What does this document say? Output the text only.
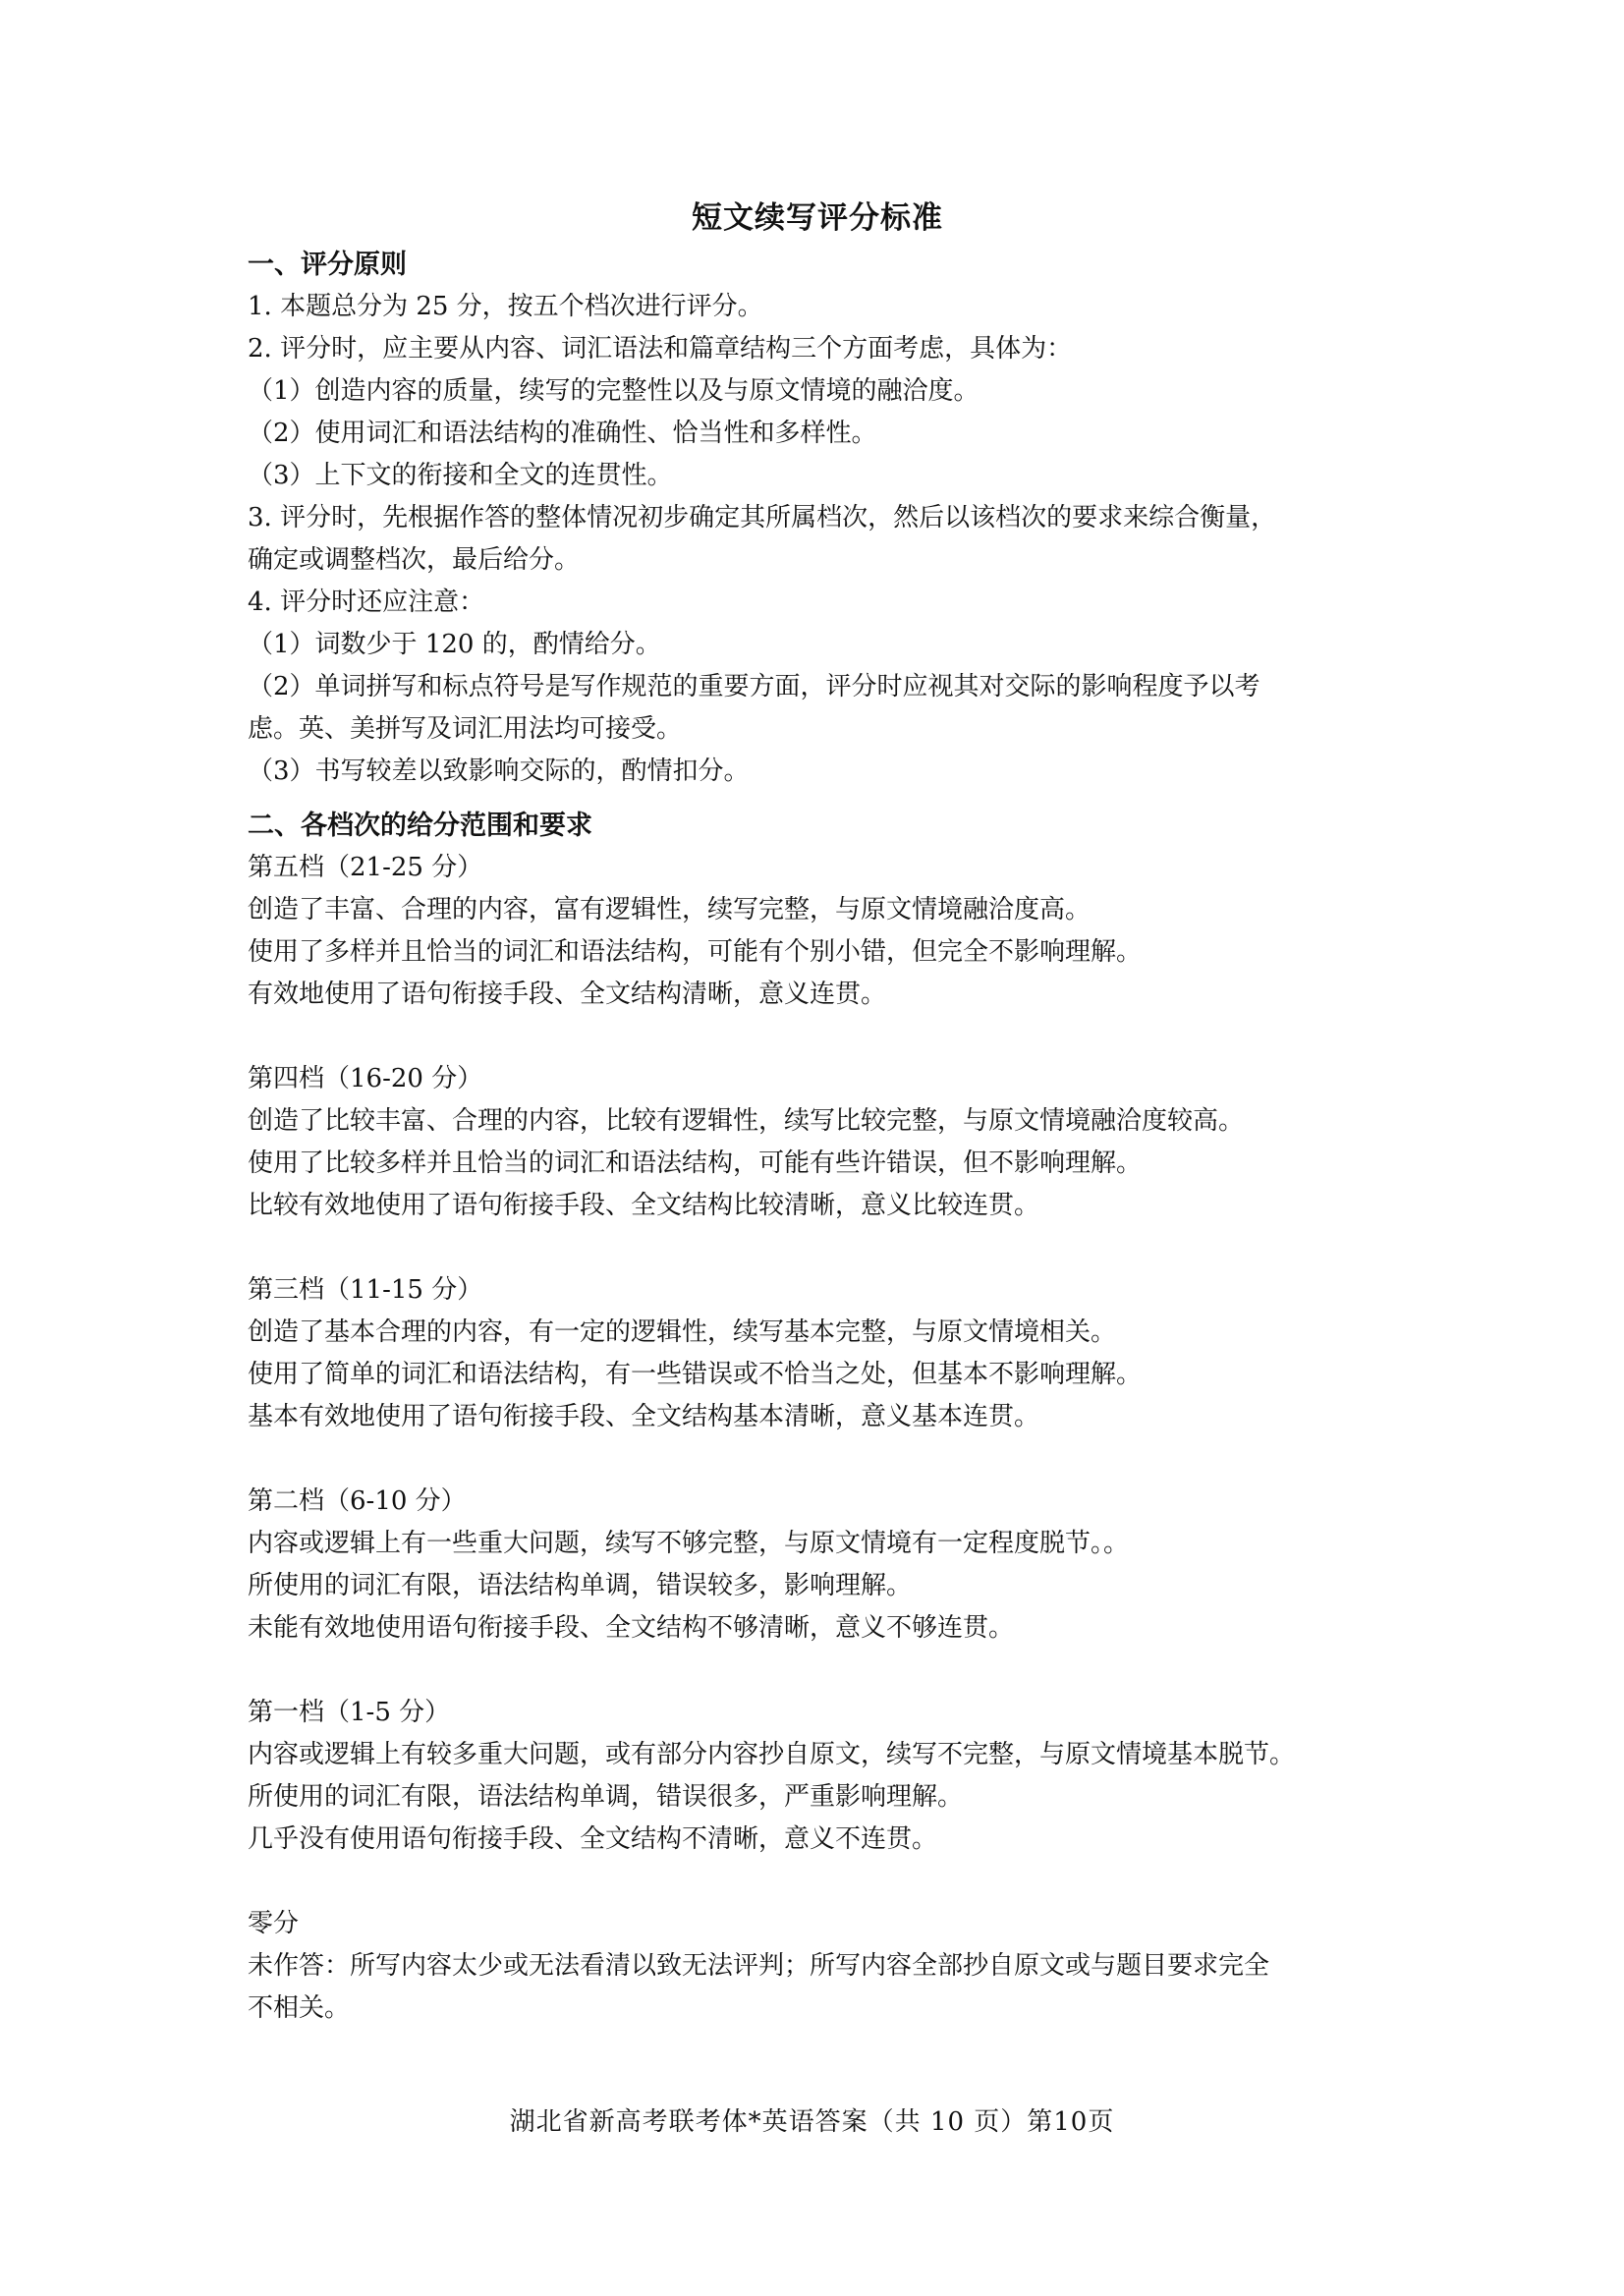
短文续写评分标准
一、评分原则
1. 本题总分为 25 分，按五个档次进行评分。
2. 评分时，应主要从内容、词汇语法和篇章结构三个方面考虑，具体为：
（1）创造内容的质量，续写的完整性以及与原文情境的融洽度。
（2）使用词汇和语法结构的准确性、恰当性和多样性。
（3）上下文的衔接和全文的连贯性。
3. 评分时，先根据作答的整体情况初步确定其所属档次，然后以该档次的要求来综合衡量，
确定或调整档次，最后给分。
4. 评分时还应注意：
（1）词数少于 120 的，酌情给分。
（2）单词拼写和标点符号是写作规范的重要方面，评分时应视其对交际的影响程度予以考
虑。英、美拼写及词汇用法均可接受。
（3）书写较差以致影响交际的，酌情扣分。
二、各档次的给分范围和要求
第五档（21-25 分）
创造了丰富、合理的内容，富有逻辑性，续写完整，与原文情境融洽度高。
使用了多样并且恰当的词汇和语法结构，可能有个别小错，但完全不影响理解。
有效地使用了语句衔接手段、全文结构清晰，意义连贯。
第四档（16-20 分）
创造了比较丰富、合理的内容，比较有逻辑性，续写比较完整，与原文情境融洽度较高。
使用了比较多样并且恰当的词汇和语法结构，可能有些许错误，但不影响理解。
比较有效地使用了语句衔接手段、全文结构比较清晰，意义比较连贯。
第三档（11-15 分）
创造了基本合理的内容，有一定的逻辑性，续写基本完整，与原文情境相关。
使用了简单的词汇和语法结构，有一些错误或不恰当之处，但基本不影响理解。
基本有效地使用了语句衔接手段、全文结构基本清晰，意义基本连贯。
第二档（6-10 分）
内容或逻辑上有一些重大问题，续写不够完整，与原文情境有一定程度脱节。。
所使用的词汇有限，语法结构单调，错误较多，影响理解。
未能有效地使用语句衔接手段、全文结构不够清晰，意义不够连贯。
第一档（1-5 分）
内容或逻辑上有较多重大问题，或有部分内容抄自原文，续写不完整，与原文情境基本脱节。
所使用的词汇有限，语法结构单调，错误很多，严重影响理解。
几乎没有使用语句衔接手段、全文结构不清晰，意义不连贯。
零分
未作答：所写内容太少或无法看清以致无法评判；所写内容全部抄自原文或与题目要求完全
不相关。
湖北省新高考联考体*英语答案（共 10 页）第10页
